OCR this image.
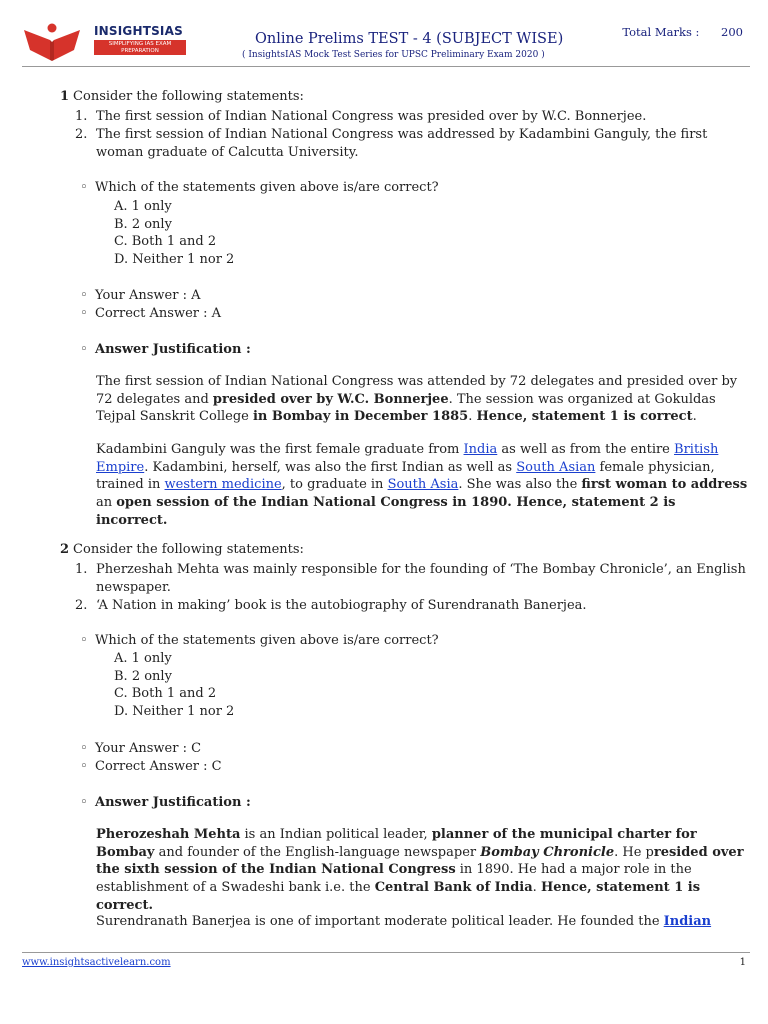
INSIGHTSIAS
SIMPLIFYING IAS EXAM PREPARATION
Online Prelims TEST - 4 (SUBJECT WISE)
( InsightsIAS Mock Test Series for UPSC Preliminary Exam 2020 )
Total Marks : 200
1 Consider the following statements:
1. The first session of Indian National Congress was presided over by W.C. Bonnerjee.
2. The first session of Indian National Congress was addressed by Kadambini Ganguly, the first woman graduate of Calcutta University.
◦ Which of the statements given above is/are correct?
A. 1 only
B. 2 only
C. Both 1 and 2
D. Neither 1 nor 2
◦ Your Answer : A
◦ Correct Answer : A
◦ Answer Justification :
The first session of Indian National Congress was attended by 72 delegates and presided over by 72 delegates and presided over by W.C. Bonnerjee. The session was organized at Gokuldas Tejpal Sanskrit College in Bombay in December 1885. Hence, statement 1 is correct.
Kadambini Ganguly was the first female graduate from India as well as from the entire British Empire. Kadambini, herself, was also the first Indian as well as South Asian female physician, trained in western medicine, to graduate in South Asia. She was also the first woman to address an open session of the Indian National Congress in 1890. Hence, statement 2 is incorrect.
2 Consider the following statements:
1. Pherzeshah Mehta was mainly responsible for the founding of ‘The Bombay Chronicle’, an English newspaper.
2. ‘A Nation in making’ book is the autobiography of Surendranath Banerjea.
◦ Which of the statements given above is/are correct?
A. 1 only
B. 2 only
C. Both 1 and 2
D. Neither 1 nor 2
◦ Your Answer : C
◦ Correct Answer : C
◦ Answer Justification :
Pherozeshah Mehta is an Indian political leader, planner of the municipal charter for Bombay and founder of the English-language newspaper Bombay Chronicle. He presided over the sixth session of the Indian National Congress in 1890. He had a major role in the establishment of a Swadeshi bank i.e. the Central Bank of India. Hence, statement 1 is correct.
Surendranath Banerjea is one of important moderate political leader. He founded the Indian
www.insightsactivelearn.com	1
